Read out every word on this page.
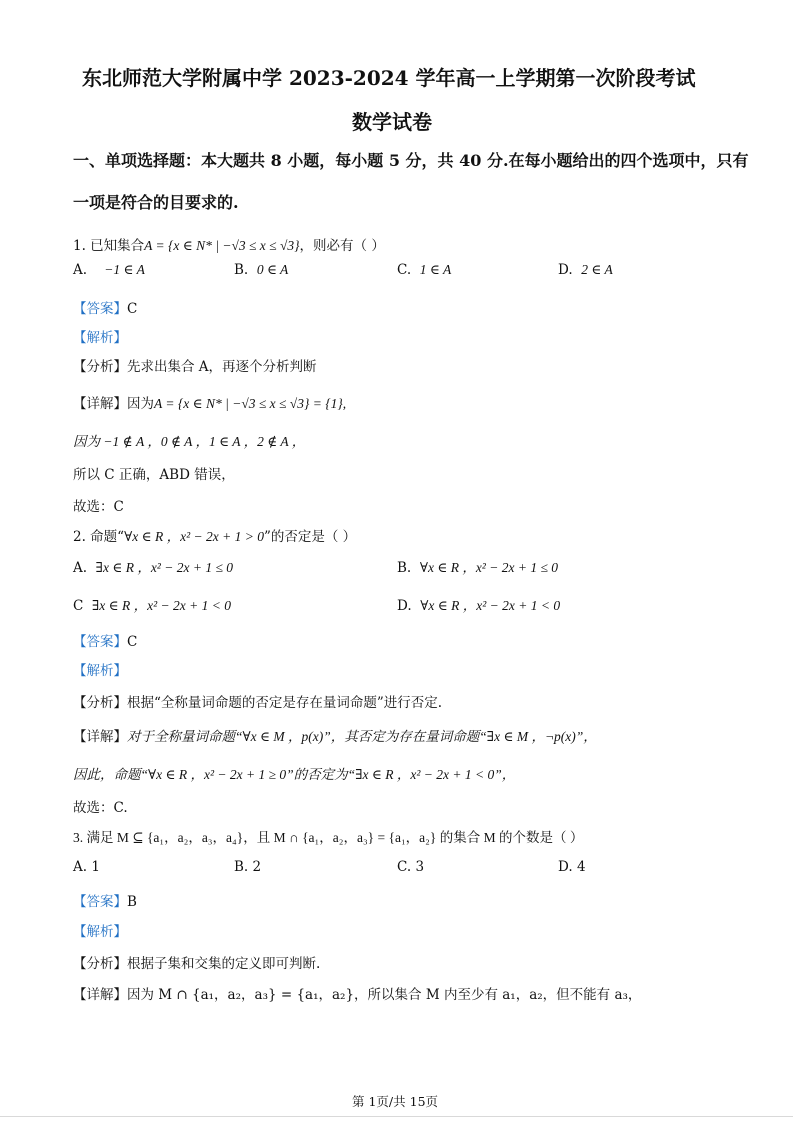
东北师范大学附属中学 2023-2024 学年高一上学期第一次阶段考试
数学试卷
一、单项选择题：本大题共 8 小题，每小题 5 分，共 40 分.在每小题给出的四个选项中，只有
一项是符合的目要求的.
1. 已知集合A = {x ∈ N* | −√3 ≤ x ≤ √3}，则必有（ ）
A. −1 ∈ A	B. 0 ∈ A	C. 1 ∈ A	D. 2 ∈ A
【答案】C
【解析】
【分析】先求出集合 A，再逐个分析判断
【详解】因为A = {x ∈ N* | −√3 ≤ x ≤ √3} = {1},
因为 −1 ∉ A ，0 ∉ A ，1 ∈ A ，2 ∉ A ，
所以 C 正确，ABD 错误，
故选：C
2. 命题“∀x ∈ R ，x² − 2x + 1 > 0”的否定是（ ）
A. ∃x ∈ R ，x² − 2x + 1 ≤ 0	B. ∀x ∈ R ，x² − 2x + 1 ≤ 0
C ∃x ∈ R ，x² − 2x + 1 < 0	D. ∀x ∈ R ，x² − 2x + 1 < 0
【答案】C
【解析】
【分析】根据“全称量词命题的否定是存在量词命题”进行否定.
【详解】对于全称量词命题“∀x ∈ M ，p(x)”，其否定为存在量词命题“∃x ∈ M ，¬p(x)”，
因此，命题“∀x ∈ R ，x² − 2x + 1 ≥ 0”的否定为“∃x ∈ R ，x² − 2x + 1 < 0”，
故选：C.
3. 满足 M ⊆ {a₁，a₂，a₃，a₄}，且 M ∩ {a₁，a₂，a₃} = {a₁，a₂} 的集合 M 的个数是（ ）
A. 1	B. 2	C. 3	D. 4
【答案】B
【解析】
【分析】根据子集和交集的定义即可判断.
【详解】因为 M ∩ {a₁，a₂，a₃} = {a₁，a₂}，所以集合 M 内至少有 a₁，a₂，但不能有 a₃，
第 1页/共 15页
